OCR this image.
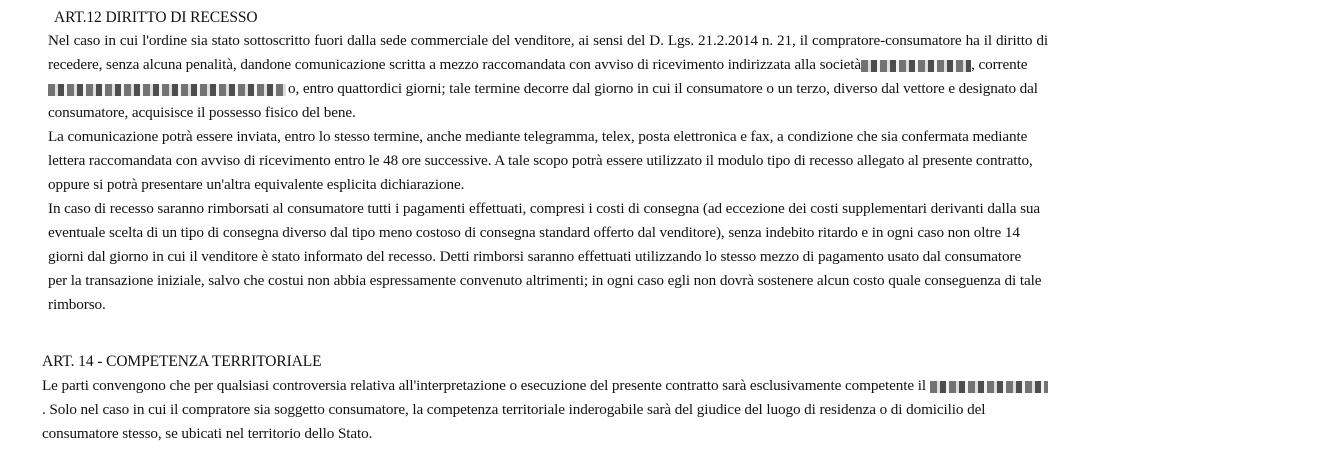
ART.12 DIRITTO DI RECESSO
Nel caso in cui l'ordine sia stato sottoscritto fuori dalla sede commerciale del venditore, ai sensi del D. Lgs. 21.2.2014 n. 21, il compratore-consumatore ha il diritto di
recedere, senza alcuna penalità, dandone comunicazione scritta a mezzo raccomandata con avviso di ricevimento indirizzata alla società	, corrente
o, entro quattordici giorni; tale termine decorre dal giorno in cui il consumatore o un terzo, diverso dal vettore e designato dal
consumatore, acquisisce il possesso fisico del bene.
La comunicazione potrà essere inviata, entro lo stesso termine, anche mediante telegramma, telex, posta elettronica e fax, a condizione che sia confermata mediante
lettera raccomandata con avviso di ricevimento entro le 48 ore successive. A tale scopo potrà essere utilizzato il modulo tipo di recesso allegato al presente contratto,
oppure si potrà presentare un'altra equivalente esplicita dichiarazione.
In caso di recesso saranno rimborsati al consumatore tutti i pagamenti effettuati, compresi i costi di consegna (ad eccezione dei costi supplementari derivanti dalla sua
eventuale scelta di un tipo di consegna diverso dal tipo meno costoso di consegna standard offerto dal venditore), senza indebito ritardo e in ogni caso non oltre 14
giorni dal giorno in cui il venditore è stato informato del recesso. Detti rimborsi saranno effettuati utilizzando lo stesso mezzo di pagamento usato dal consumatore
per la transazione iniziale, salvo che costui non abbia espressamente convenuto altrimenti; in ogni caso egli non dovrà sostenere alcun costo quale conseguenza di tale
rimborso.
ART. 14 - COMPETENZA TERRITORIALE
Le parti convengono che per qualsiasi controversia relativa all'interpretazione o esecuzione del presente contratto sarà esclusivamente competente il
. Solo nel caso in cui il compratore sia soggetto consumatore, la competenza territoriale inderogabile sarà del giudice del luogo di residenza o di domicilio del
consumatore stesso, se ubicati nel territorio dello Stato.
